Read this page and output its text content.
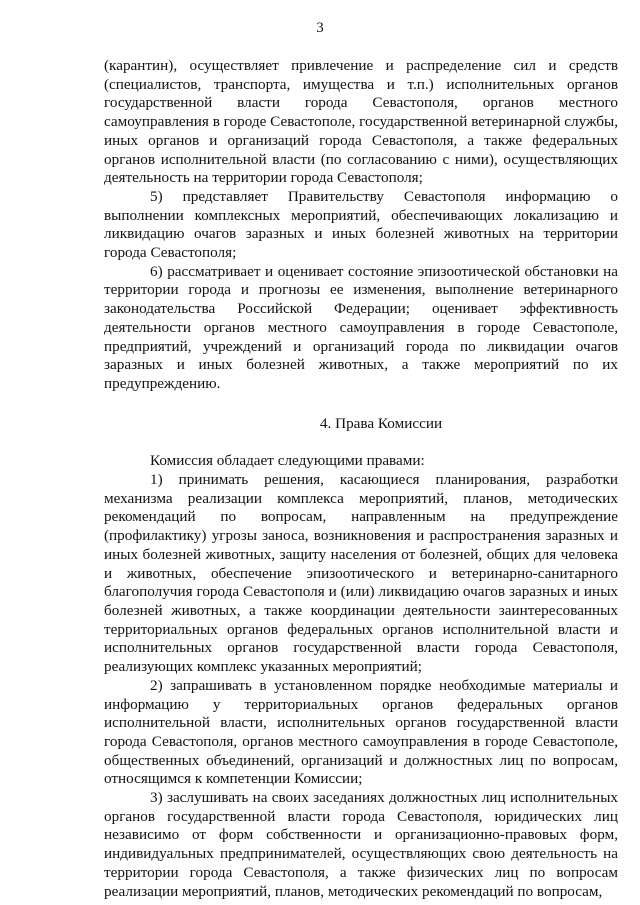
3

(карантин), осуществляет привлечение и распределение сил и средств (специалистов, транспорта, имущества и т.п.) исполнительных органов государственной власти города Севастополя, органов местного самоуправления в городе Севастополе, государственной ветеринарной службы, иных органов и организаций города Севастополя, а также федеральных органов исполнительной власти (по согласованию с ними), осуществляющих деятельность на территории города Севастополя;

5) представляет Правительству Севастополя информацию о выполнении комплексных мероприятий, обеспечивающих локализацию и ликвидацию очагов заразных и иных болезней животных на территории города Севастополя;

6) рассматривает и оценивает состояние эпизоотической обстановки на территории города и прогнозы ее изменения, выполнение ветеринарного законодательства Российской Федерации; оценивает эффективность деятельности органов местного самоуправления в городе Севастополе, предприятий, учреждений и организаций города по ликвидации очагов заразных и иных болезней животных, а также мероприятий по их предупреждению.

4. Права Комиссии

Комиссия обладает следующими правами:

1) принимать решения, касающиеся планирования, разработки механизма реализации комплекса мероприятий, планов, методических рекомендаций по вопросам, направленным на предупреждение (профилактику) угрозы заноса, возникновения и распространения заразных и иных болезней животных, защиту населения от болезней, общих для человека и животных, обеспечение эпизоотического и ветеринарно-санитарного благополучия города Севастополя и (или) ликвидацию очагов заразных и иных болезней животных, а также координации деятельности заинтересованных территориальных органов федеральных органов исполнительной власти и исполнительных органов государственной власти города Севастополя, реализующих комплекс указанных мероприятий;

2) запрашивать в установленном порядке необходимые материалы и информацию у территориальных органов федеральных органов исполнительной власти, исполнительных органов государственной власти города Севастополя, органов местного самоуправления в городе Севастополе, общественных объединений, организаций и должностных лиц по вопросам, относящимся к компетенции Комиссии;

3) заслушивать на своих заседаниях должностных лиц исполнительных органов государственной власти города Севастополя, юридических лиц независимо от форм собственности и организационно-правовых форм, индивидуальных предпринимателей, осуществляющих свою деятельность на территории города Севастополя, а также физических лиц по вопросам реализации мероприятий, планов, методических рекомендаций по вопросам,
